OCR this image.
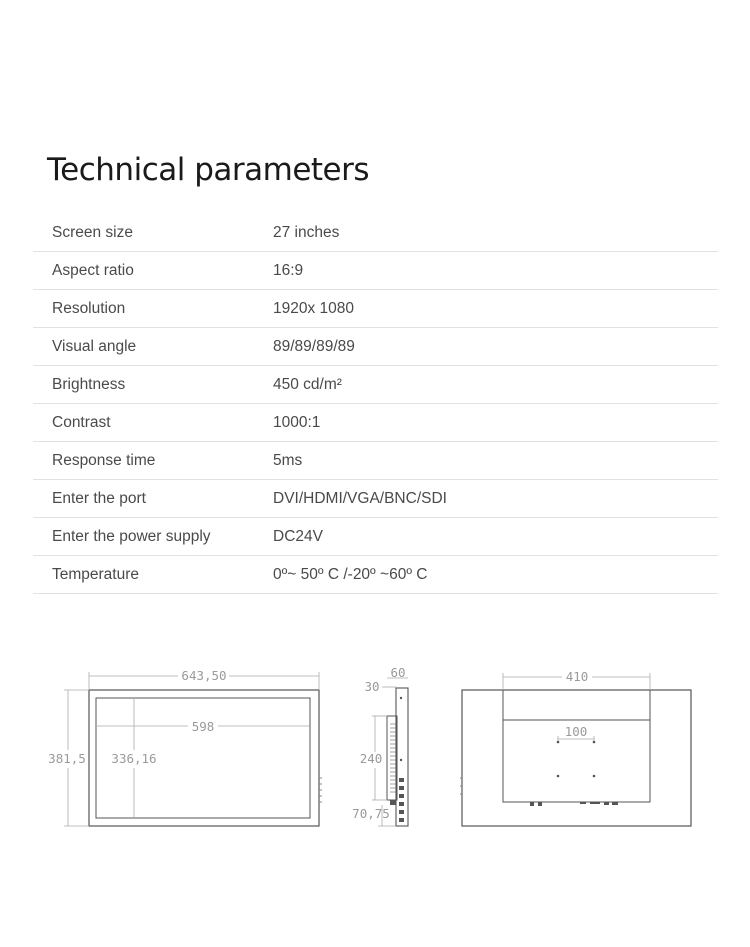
Technical parameters
Screen size	27 inches
Aspect ratio	16:9
Resolution	1920x 1080
Visual angle	89/89/89/89
Brightness	450 cd/m²
Contrast	1000:1
Response time	5ms
Enter the port	DVI/HDMI/VGA/BNC/SDI
Enter the power supply	DC24V
Temperature	0º~ 50º C /-20º ~60º C
643,50
598
381,5 336,16
60
30
240
70,75
410
100
